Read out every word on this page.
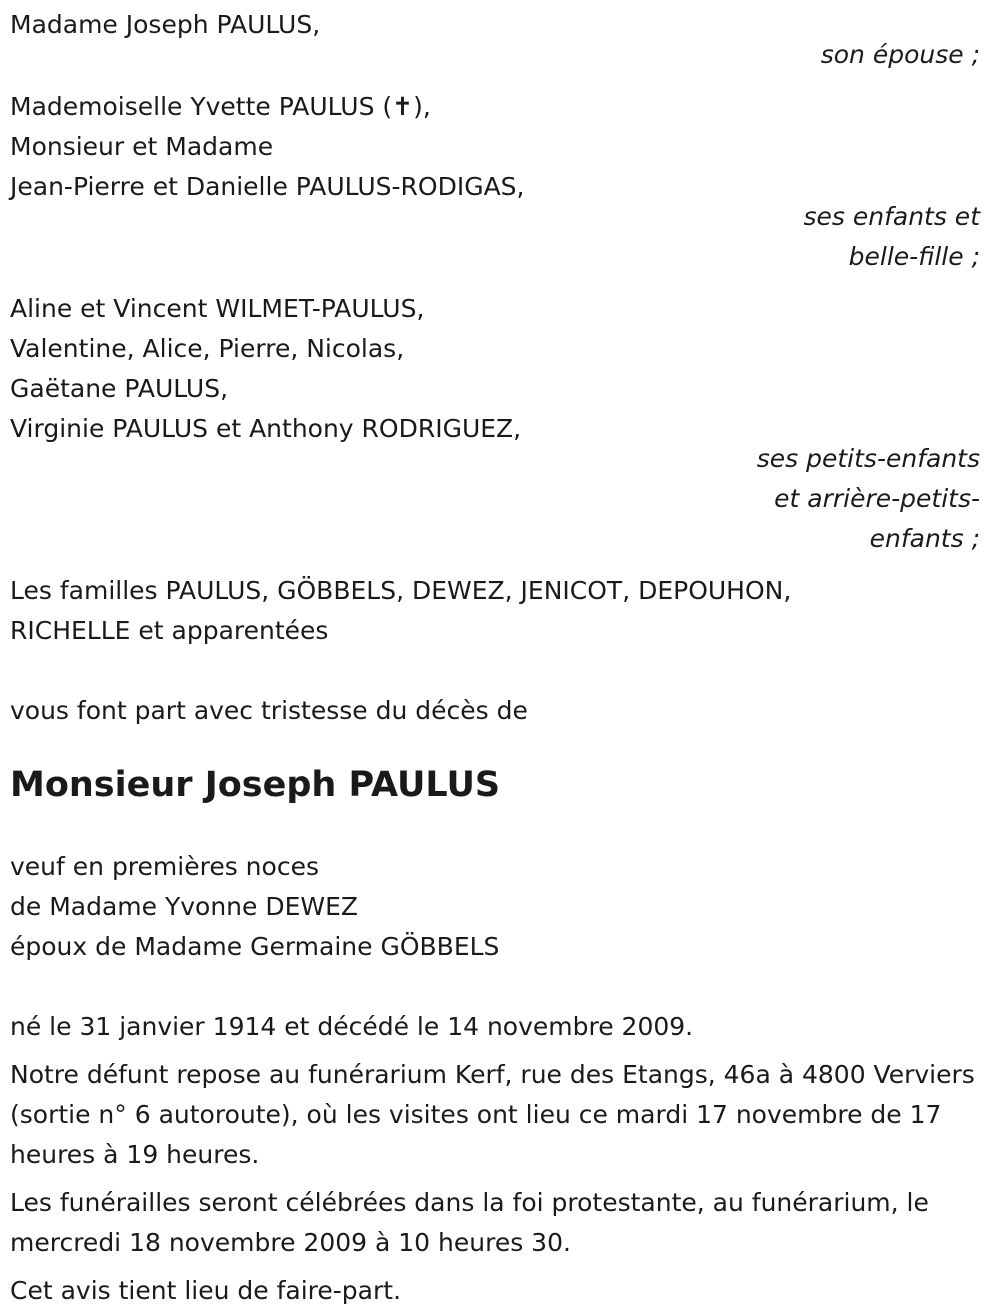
Madame Joseph PAULUS,
son épouse ;
Mademoiselle Yvette PAULUS (✝),
Monsieur et Madame
Jean-Pierre et Danielle PAULUS-RODIGAS,
ses enfants et
belle-fille ;
Aline et Vincent WILMET-PAULUS,
Valentine, Alice, Pierre, Nicolas,
Gaëtane PAULUS,
Virginie PAULUS et Anthony RODRIGUEZ,
ses petits-enfants
et arrière-petits-
enfants ;
Les familles PAULUS, GÖBBELS, DEWEZ, JENICOT, DEPOUHON,
RICHELLE et apparentées
vous font part avec tristesse du décès de
Monsieur Joseph PAULUS
veuf en premières noces
de Madame Yvonne DEWEZ
époux de Madame Germaine GÖBBELS

né le 31 janvier 1914 et décédé le 14 novembre 2009.

Notre défunt repose au funérarium Kerf, rue des Etangs, 46a à 4800 Verviers (sortie n° 6 autoroute), où les visites ont lieu ce mardi 17 novembre de 17 heures à 19 heures.

Les funérailles seront célébrées dans la foi protestante, au funérarium, le mercredi 18 novembre 2009 à 10 heures 30.

Cet avis tient lieu de faire-part.
